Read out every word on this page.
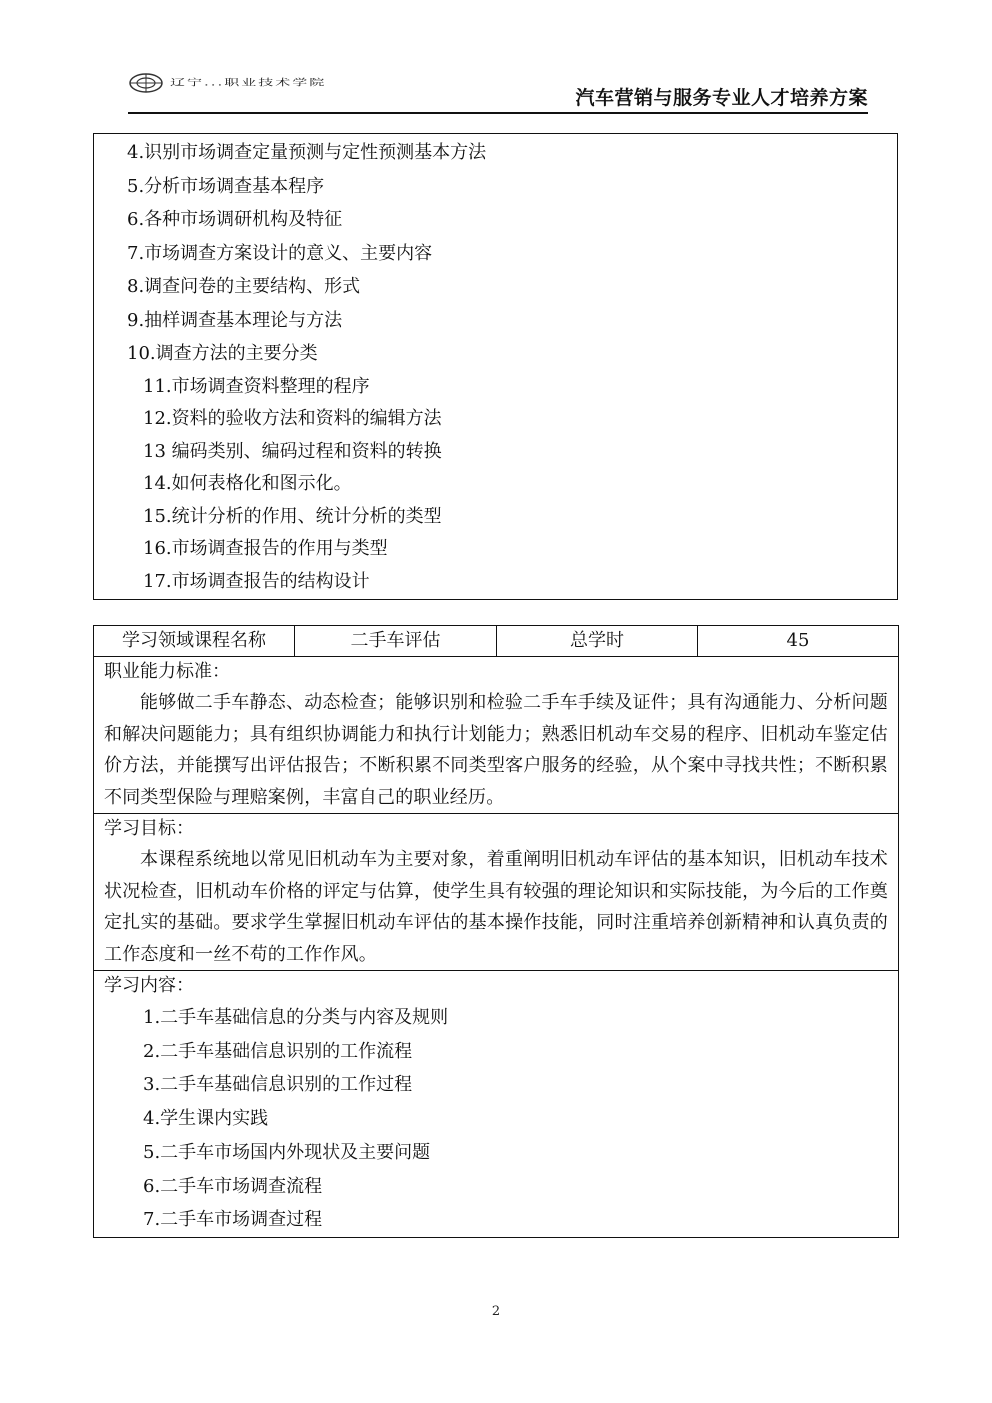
辽宁...职业技术学院
汽车营销与服务专业人才培养方案
4.识别市场调查定量预测与定性预测基本方法
5.分析市场调查基本程序
6.各种市场调研机构及特征
7.市场调查方案设计的意义、主要内容
8.调查问卷的主要结构、形式
9.抽样调查基本理论与方法
10.调查方法的主要分类
11.市场调查资料整理的程序
12.资料的验收方法和资料的编辑方法
13 编码类别、编码过程和资料的转换
14.如何表格化和图示化。
15.统计分析的作用、统计分析的类型
16.市场调查报告的作用与类型
17.市场调查报告的结构设计
学习领域课程名称	二手车评估	总学时	45

职业能力标准：
能够做二手车静态、动态检查；能够识别和检验二手车手续及证件；具有沟通能力、分析问题和解决问题能力；具有组织协调能力和执行计划能力；熟悉旧机动车交易的程序、旧机动车鉴定估价方法，并能撰写出评估报告；不断积累不同类型客户服务的经验，从个案中寻找共性；不断积累不同类型保险与理赔案例，丰富自己的职业经历。

学习目标：
本课程系统地以常见旧机动车为主要对象，着重阐明旧机动车评估的基本知识，旧机动车技术状况检查，旧机动车价格的评定与估算，使学生具有较强的理论知识和实际技能，为今后的工作奠定扎实的基础。要求学生掌握旧机动车评估的基本操作技能，同时注重培养创新精神和认真负责的工作态度和一丝不苟的工作作风。

学习内容：
1.二手车基础信息的分类与内容及规则
2.二手车基础信息识别的工作流程
3.二手车基础信息识别的工作过程
4.学生课内实践
5.二手车市场国内外现状及主要问题
6.二手车市场调查流程
7.二手车市场调查过程
2
